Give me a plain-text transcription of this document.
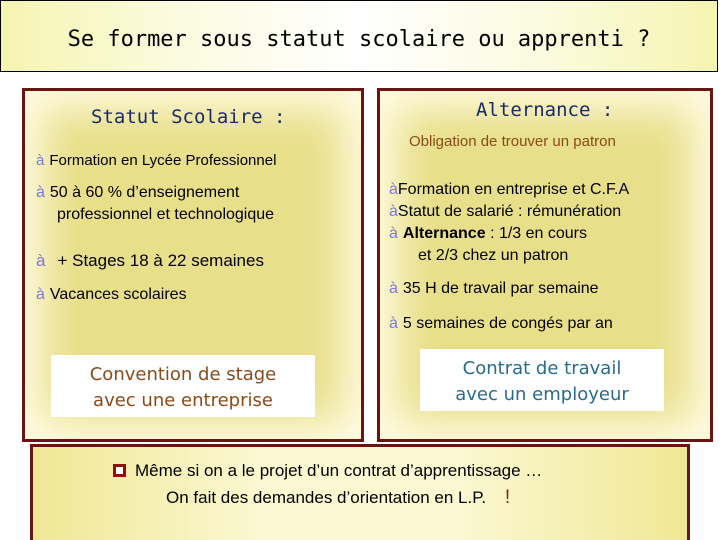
Se former sous statut scolaire ou apprenti ?
Statut Scolaire :
à Formation en Lycée Professionnel
à 50 à 60 % d’enseignement
professionnel et technologique
à + Stages 18 à 22 semaines
à Vacances scolaires
Convention de stage
avec une entreprise
Alternance :
Obligation de trouver un patron
àFormation en entreprise et C.F.A
àStatut de salarié : rémunération
à Alternance : 1/3 en cours
et 2/3 chez un patron
à 35 H de travail par semaine
à 5 semaines de congés par an
Contrat de travail
avec un employeur
Même si on a le projet d’un contrat d’apprentissage …
On fait des demandes d’orientation en L.P. !
